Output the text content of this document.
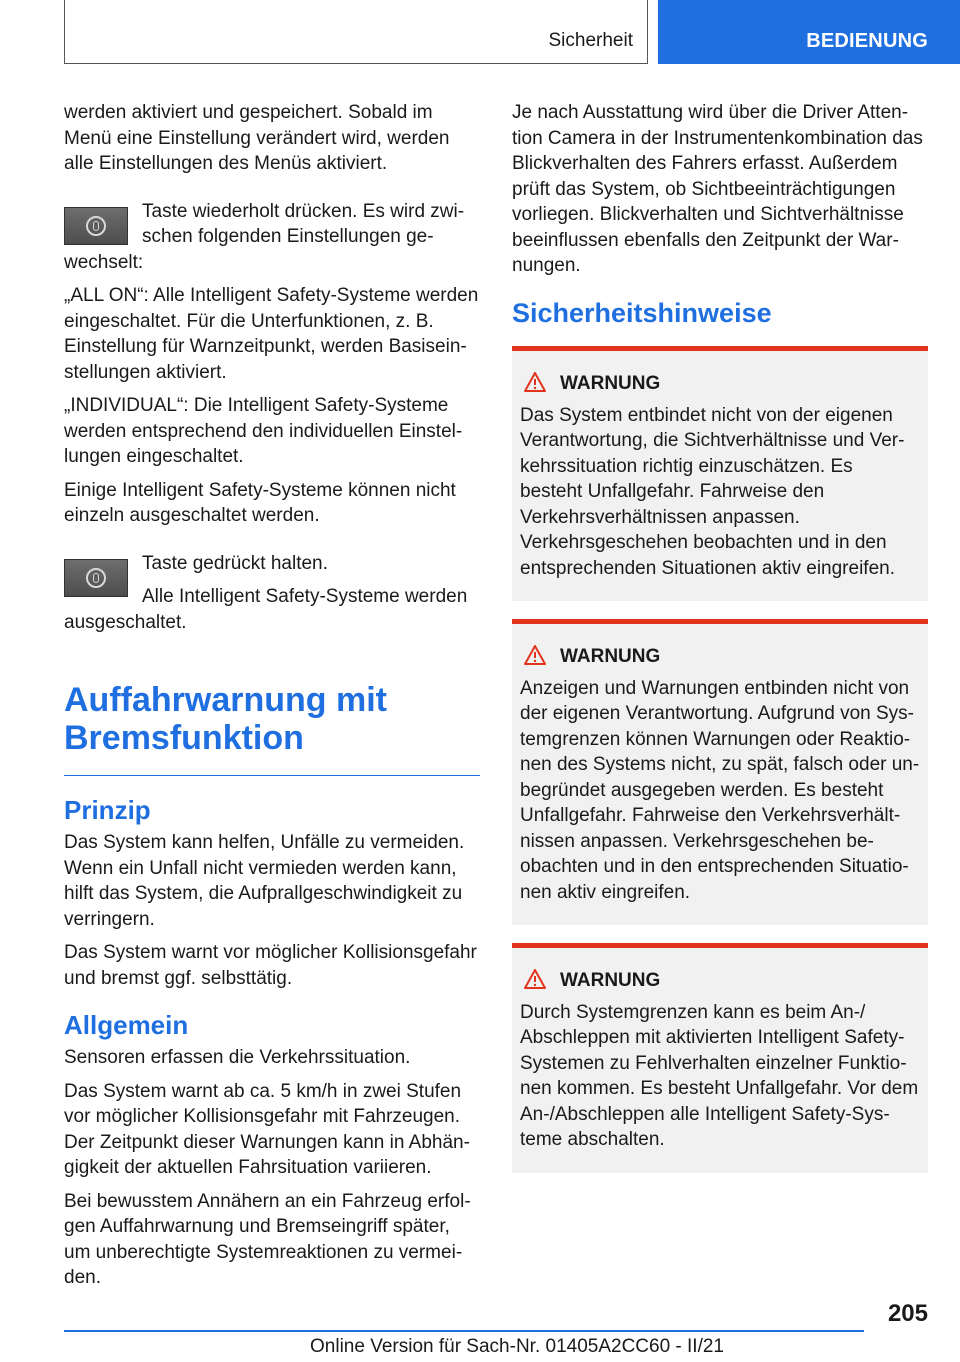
Sicherheit	BEDIENUNG

werden aktiviert und gespeichert. Sobald im Menü eine Einstellung verändert wird, werden alle Einstellungen des Menüs aktiviert.

Taste wiederholt drücken. Es wird zwischen folgenden Einstellungen gewechselt:

„ALL ON“: Alle Intelligent Safety-Systeme werden eingeschaltet. Für die Unterfunktionen, z. B. Einstellung für Warnzeitpunkt, werden Basiseinstellungen aktiviert.

„INDIVIDUAL“: Die Intelligent Safety-Systeme werden entsprechend den individuellen Einstellungen eingeschaltet.

Einige Intelligent Safety-Systeme können nicht einzeln ausgeschaltet werden.

Taste gedrückt halten.
Alle Intelligent Safety-Systeme werden ausgeschaltet.
Auffahrwarnung mit Bremsfunktion
Prinzip

Das System kann helfen, Unfälle zu vermeiden. Wenn ein Unfall nicht vermieden werden kann, hilft das System, die Aufprallgeschwindigkeit zu verringern.

Das System warnt vor möglicher Kollisionsgefahr und bremst ggf. selbsttätig.

Allgemein

Sensoren erfassen die Verkehrssituation.

Das System warnt ab ca. 5 km/h in zwei Stufen vor möglicher Kollisionsgefahr mit Fahrzeugen. Der Zeitpunkt dieser Warnungen kann in Abhängigkeit der aktuellen Fahrsituation variieren.

Bei bewusstem Annähern an ein Fahrzeug erfolgen Auffahrwarnung und Bremseingriff später, um unberechtigte Systemreaktionen zu vermeiden.

Je nach Ausstattung wird über die Driver Attention Camera in der Instrumentenkombination das Blickverhalten des Fahrers erfasst. Außerdem prüft das System, ob Sichtbeeinträchtigungen vorliegen. Blickverhalten und Sichtverhältnisse beeinflussen ebenfalls den Zeitpunkt der Warnungen.

Sicherheitshinweise
WARNUNG
Das System entbindet nicht von der eigenen Verantwortung, die Sichtverhältnisse und Verkehrssituation richtig einzuschätzen. Es besteht Unfallgefahr. Fahrweise den Verkehrsverhältnissen anpassen. Verkehrsgeschehen beobachten und in den entsprechenden Situationen aktiv eingreifen.
WARNUNG
Anzeigen und Warnungen entbinden nicht von der eigenen Verantwortung. Aufgrund von Systemgrenzen können Warnungen oder Reaktionen des Systems nicht, zu spät, falsch oder unbegründet ausgegeben werden. Es besteht Unfallgefahr. Fahrweise den Verkehrsverhältnissen anpassen. Verkehrsgeschehen beobachten und in den entsprechenden Situationen aktiv eingreifen.
WARNUNG
Durch Systemgrenzen kann es beim An-/ Abschleppen mit aktivierten Intelligent Safety-Systemen zu Fehlverhalten einzelner Funktionen kommen. Es besteht Unfallgefahr. Vor dem An-/Abschleppen alle Intelligent Safety-Systeme abschalten.
205
Online Version für Sach-Nr. 01405A2CC60 - II/21
